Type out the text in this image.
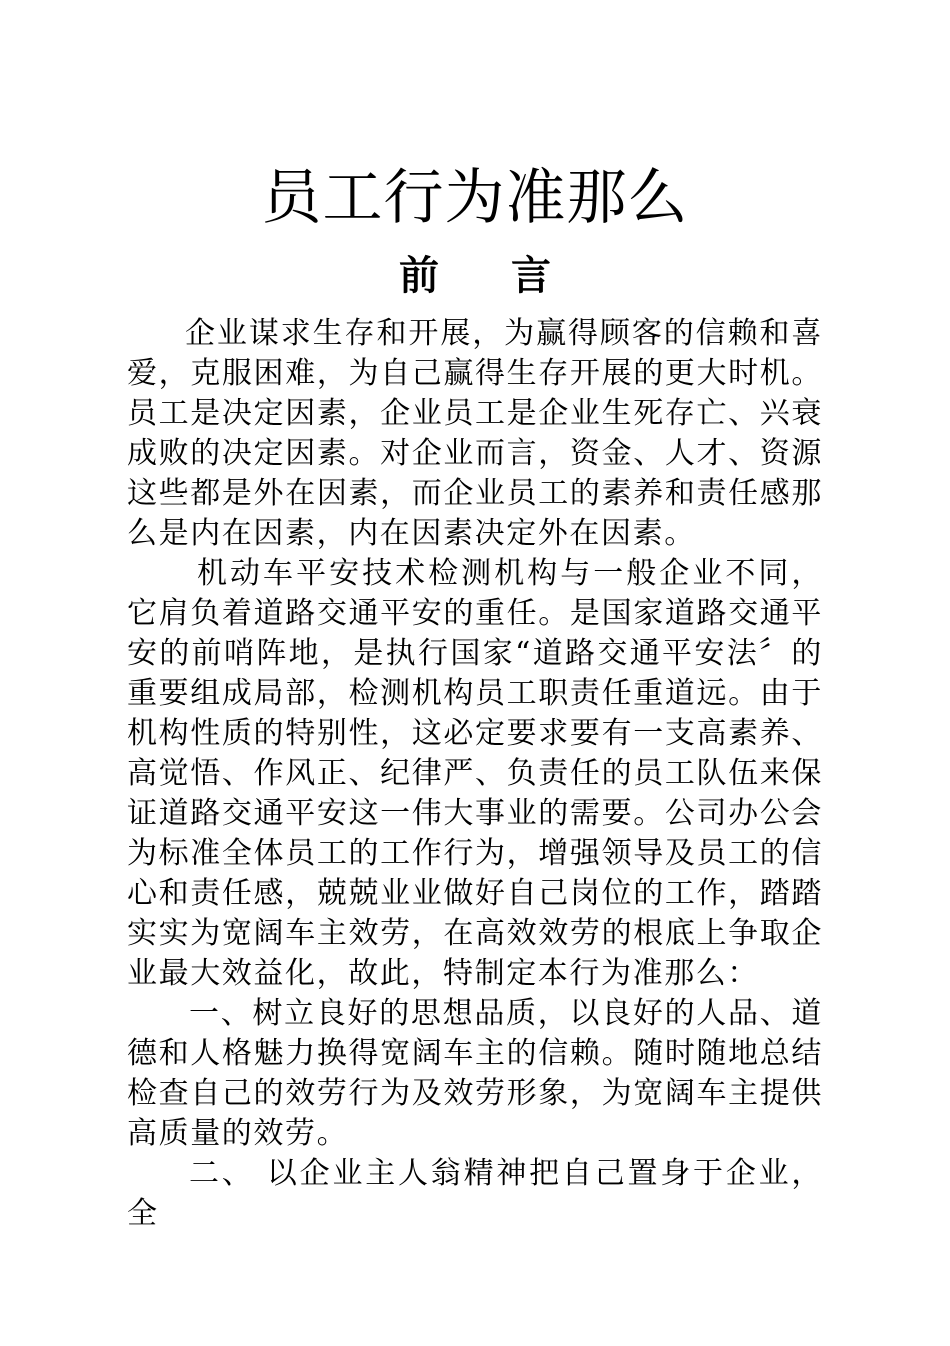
员工行为准那么
前 言

企业谋求生存和开展，为赢得顾客的信赖和喜爱，克服困难，为自己赢得生存开展的更大时机。员工是决定因素，企业员工是企业生死存亡、兴衰成败的决定因素。对企业而言，资金、人才、资源这些都是外在因素，而企业员工的素养和责任感那么是内在因素，内在因素决定外在因素。

机动车平安技术检测机构与一般企业不同，它肩负着道路交通平安的重任。是国家道路交通平安的前哨阵地，是执行国家“道路交通平安法〞的重要组成局部，检测机构员工职责任重道远。由于机构性质的特别性，这必定要求要有一支高素养、高觉悟、作风正、纪律严、负责任的员工队伍来保证道路交通平安这一伟大事业的需要。公司办公会为标准全体员工的工作行为，增强领导及员工的信心和责任感，兢兢业业做好自己岗位的工作，踏踏实实为宽阔车主效劳，在高效效劳的根底上争取企业最大效益化，故此，特制定本行为准那么：

一、树立良好的思想品质，以良好的人品、道德和人格魅力换得宽阔车主的信赖。随时随地总结检查自己的效劳行为及效劳形象，为宽阔车主提供高质量的效劳。

二、 以企业主人翁精神把自己置身于企业，全
